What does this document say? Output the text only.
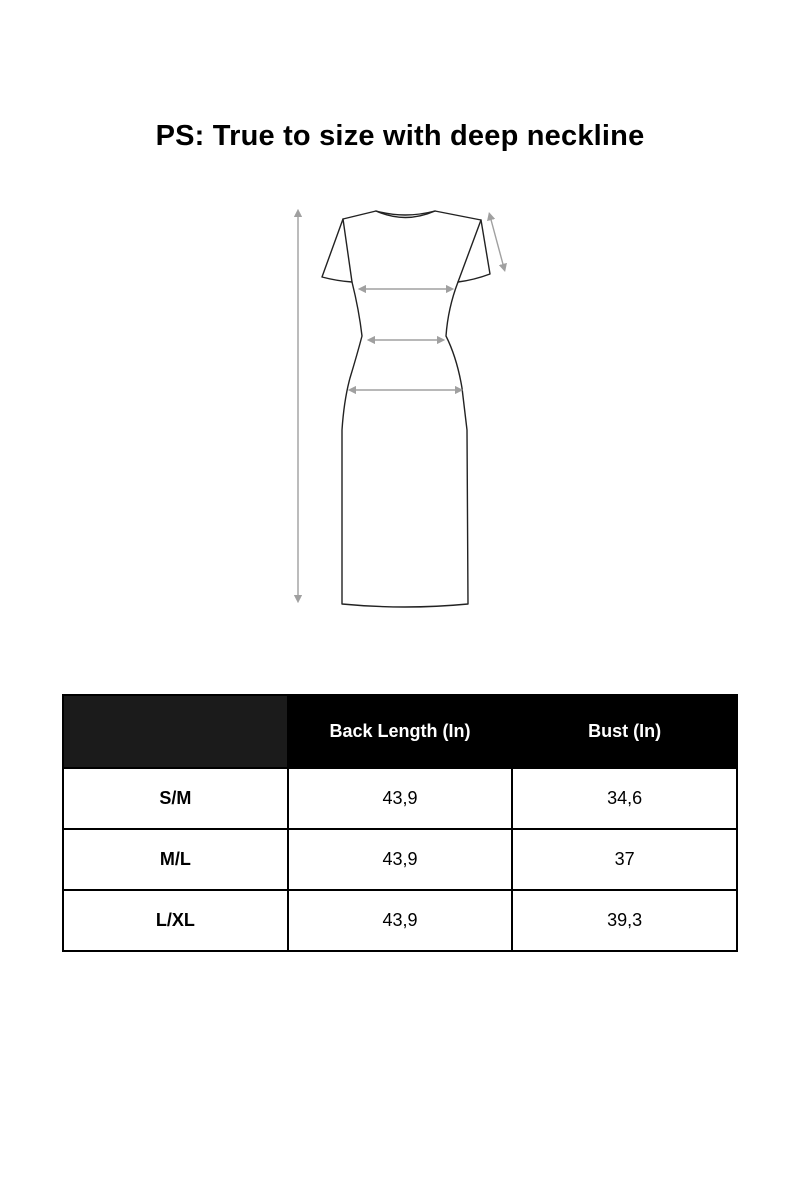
PS: True to size with deep neckline
	Back Length (In)	Bust (In)
S/M	43,9	34,6
M/L	43,9	37
L/XL	43,9	39,3
